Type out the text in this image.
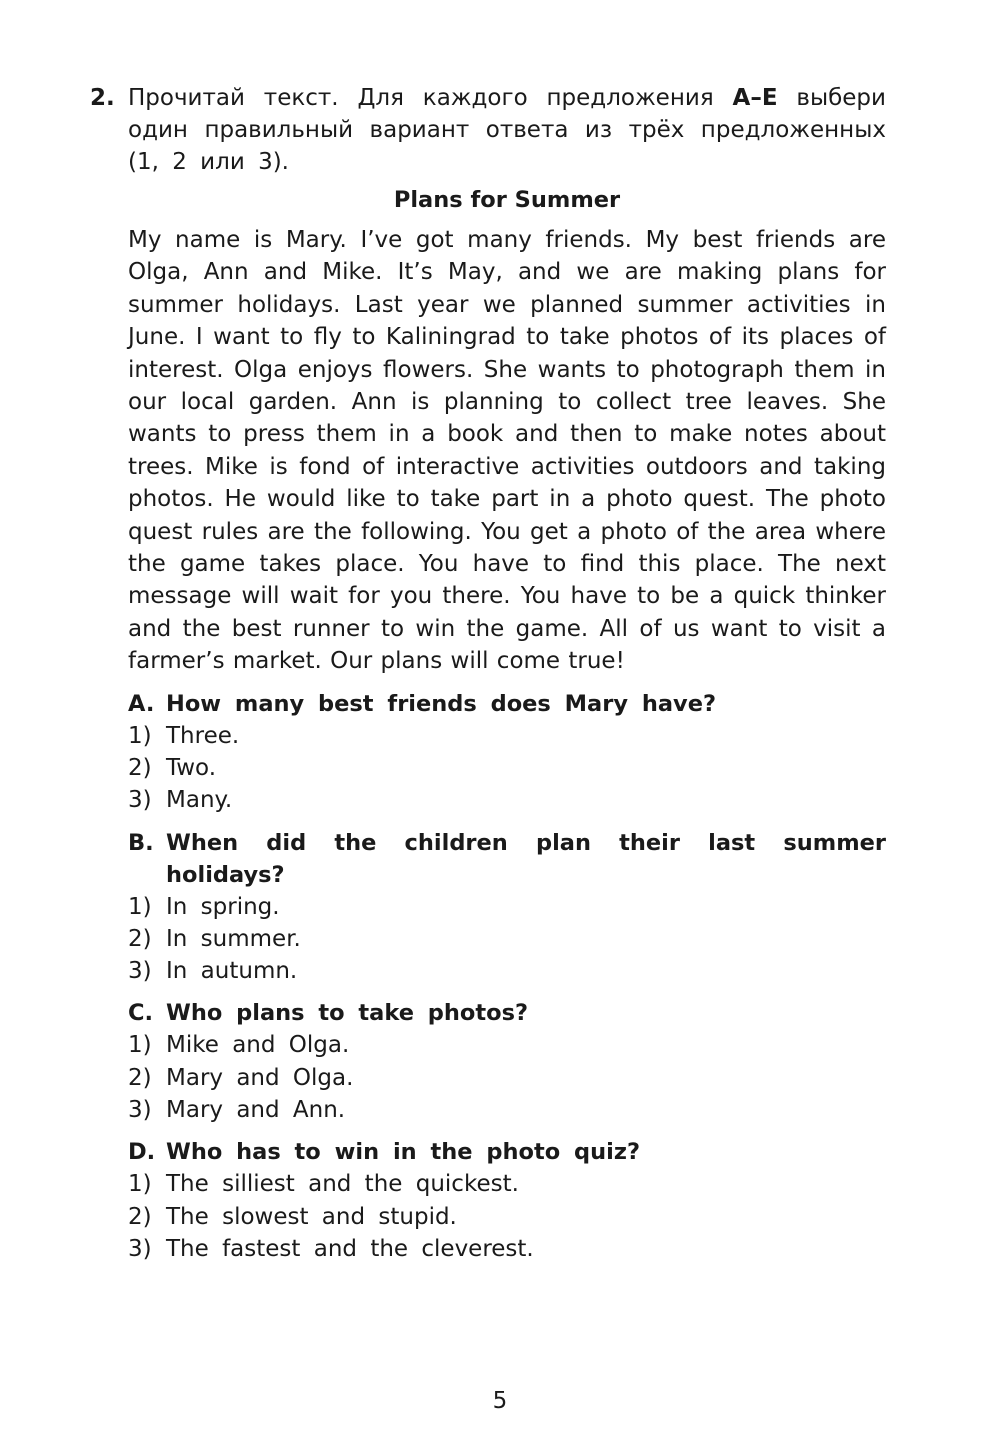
2. Прочитай текст. Для каждого предложения A–E выбери один правильный вариант ответа из трёх предложенных (1, 2 или 3).
Plans for Summer
My name is Mary. I’ve got many friends. My best friends are Olga, Ann and Mike. It’s May, and we are making plans for summer holidays. Last year we planned summer activities in June. I want to fly to Kaliningrad to take photos of its places of interest. Olga enjoys flowers. She wants to photograph them in our local garden. Ann is planning to collect tree leaves. She wants to press them in a book and then to make notes about trees. Mike is fond of interactive activities outdoors and taking photos. He would like to take part in a photo quest. The photo quest rules are the following. You get a photo of the area where the game takes place. You have to find this place. The next message will wait for you there. You have to be a quick thinker and the best runner to win the game. All of us want to visit a farmer’s market. Our plans will come true!
A. How many best friends does Mary have?
1) Three.
2) Two.
3) Many.
B. When did the children plan their last summer
holidays?
1) In spring.
2) In summer.
3) In autumn.
C. Who plans to take photos?
1) Mike and Olga.
2) Mary and Olga.
3) Mary and Ann.
D. Who has to win in the photo quiz?
1) The silliest and the quickest.
2) The slowest and stupid.
3) The fastest and the cleverest.
5
